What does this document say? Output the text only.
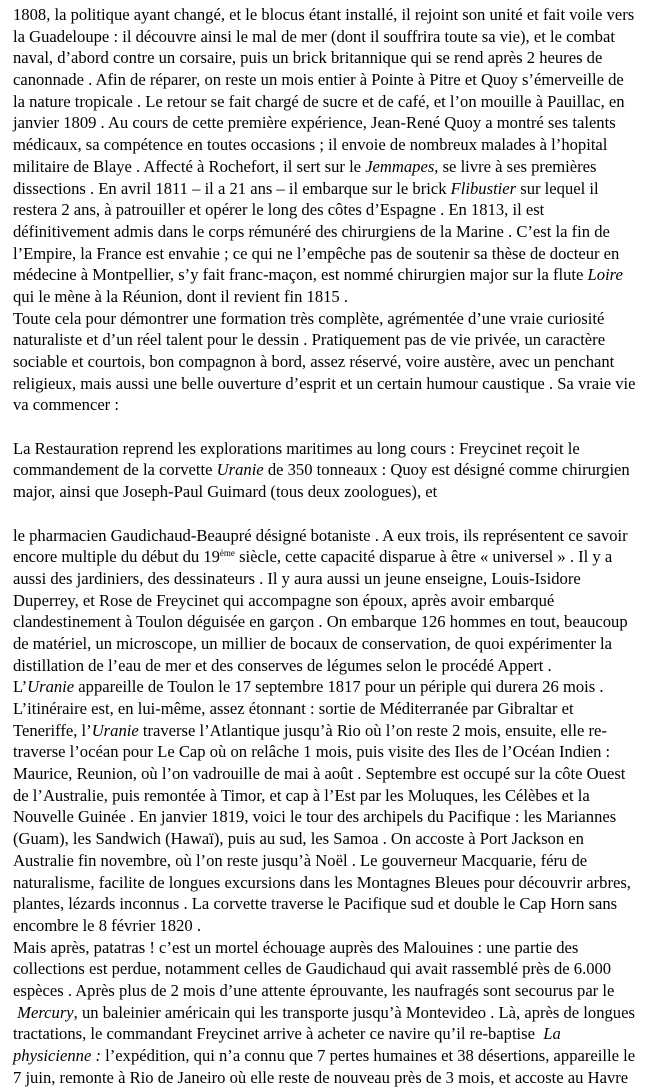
1808, la politique ayant changé, et le blocus étant installé, il rejoint son unité et fait voile vers
la Guadeloupe : il découvre ainsi le mal de mer (dont il souffrira toute sa vie), et le combat
naval, d’abord contre un corsaire, puis un brick britannique qui se rend après 2 heures de
canonnade . Afin de réparer, on reste un mois entier à Pointe à Pitre et Quoy s’émerveille de
la nature tropicale . Le retour se fait chargé de sucre et de café, et l’on mouille à Pauillac, en
janvier 1809 . Au cours de cette première expérience, Jean-René Quoy a montré ses talents
médicaux, sa compétence en toutes occasions ; il envoie de nombreux malades à l’hopital
militaire de Blaye . Affecté à Rochefort, il sert sur le Jemmapes, se livre à ses premières
dissections . En avril 1811 – il a 21 ans – il embarque sur le brick Flibustier sur lequel il
restera 2 ans, à patrouiller et opérer le long des côtes d’Espagne . En 1813, il est
définitivement admis dans le corps rémunéré des chirurgiens de la Marine . C’est la fin de
l’Empire, la France est envahie ; ce qui ne l’empêche pas de soutenir sa thèse de docteur en
médecine à Montpellier, s’y fait franc-maçon, est nommé chirurgien major sur la flute Loire
qui le mène à la Réunion, dont il revient fin 1815 .
Toute cela pour démontrer une formation très complète, agrémentée d’une vraie curiosité
naturaliste et d’un réel talent pour le dessin . Pratiquement pas de vie privée, un caractère
sociable et courtois, bon compagnon à bord, assez réservé, voire austère, avec un penchant
religieux, mais aussi une belle ouverture d’esprit et un certain humour caustique . Sa vraie vie
va commencer :
La Restauration reprend les explorations maritimes au long cours : Freycinet reçoit le
commandement de la corvette Uranie de 350 tonneaux : Quoy est désigné comme chirurgien
major, ainsi que Joseph-Paul Guimard (tous deux zoologues), et
le pharmacien Gaudichaud-Beaupré désigné botaniste . A eux trois, ils représentent ce savoir
encore multiple du début du 19ème siècle, cette capacité disparue à être « universel » . Il y a
aussi des jardiniers, des dessinateurs . Il y aura aussi un jeune enseigne, Louis-Isidore
Duperrey, et Rose de Freycinet qui accompagne son époux, après avoir embarqué
clandestinement à Toulon déguisée en garçon . On embarque 126 hommes en tout, beaucoup
de matériel, un microscope, un millier de bocaux de conservation, de quoi expérimenter la
distillation de l’eau de mer et des conserves de légumes selon le procédé Appert .
L’Uranie appareille de Toulon le 17 septembre 1817 pour un périple qui durera 26 mois .
L’itinéraire est, en lui-même, assez étonnant : sortie de Méditerranée par Gibraltar et
Teneriffe, l’Uranie traverse l’Atlantique jusqu’à Rio où l’on reste 2 mois, ensuite, elle re-
traverse l’océan pour Le Cap où on relâche 1 mois, puis visite des Iles de l’Océan Indien :
Maurice, Reunion, où l’on vadrouille de mai à août . Septembre est occupé sur la côte Ouest
de l’Australie, puis remontée à Timor, et cap à l’Est par les Moluques, les Célèbes et la
Nouvelle Guinée . En janvier 1819, voici le tour des archipels du Pacifique : les Mariannes
(Guam), les Sandwich (Hawaï), puis au sud, les Samoa . On accoste à Port Jackson en
Australie fin novembre, où l’on reste jusqu’à Noël . Le gouverneur Macquarie, féru de
naturalisme, facilite de longues excursions dans les Montagnes Bleues pour découvrir arbres,
plantes, lézards inconnus . La corvette traverse le Pacifique sud et double le Cap Horn sans
encombre le 8 février 1820 .
Mais après, patatras ! c’est un mortel échouage auprès des Malouines : une partie des
collections est perdue, notamment celles de Gaudichaud qui avait rassemblé près de 6.000
espèces . Après plus de 2 mois d’une attente éprouvante, les naufragés sont secourus par le
Mercury, un baleinier américain qui les transporte jusqu’à Montevideo . Là, après de longues
tractations, le commandant Freycinet arrive à acheter ce navire qu’il re-baptise  La
physicienne : l’expédition, qui n’a connu que 7 pertes humaines et 38 désertions, appareille le
7 juin, remonte à Rio de Janeiro où elle reste de nouveau près de 3 mois, et accoste au Havre
